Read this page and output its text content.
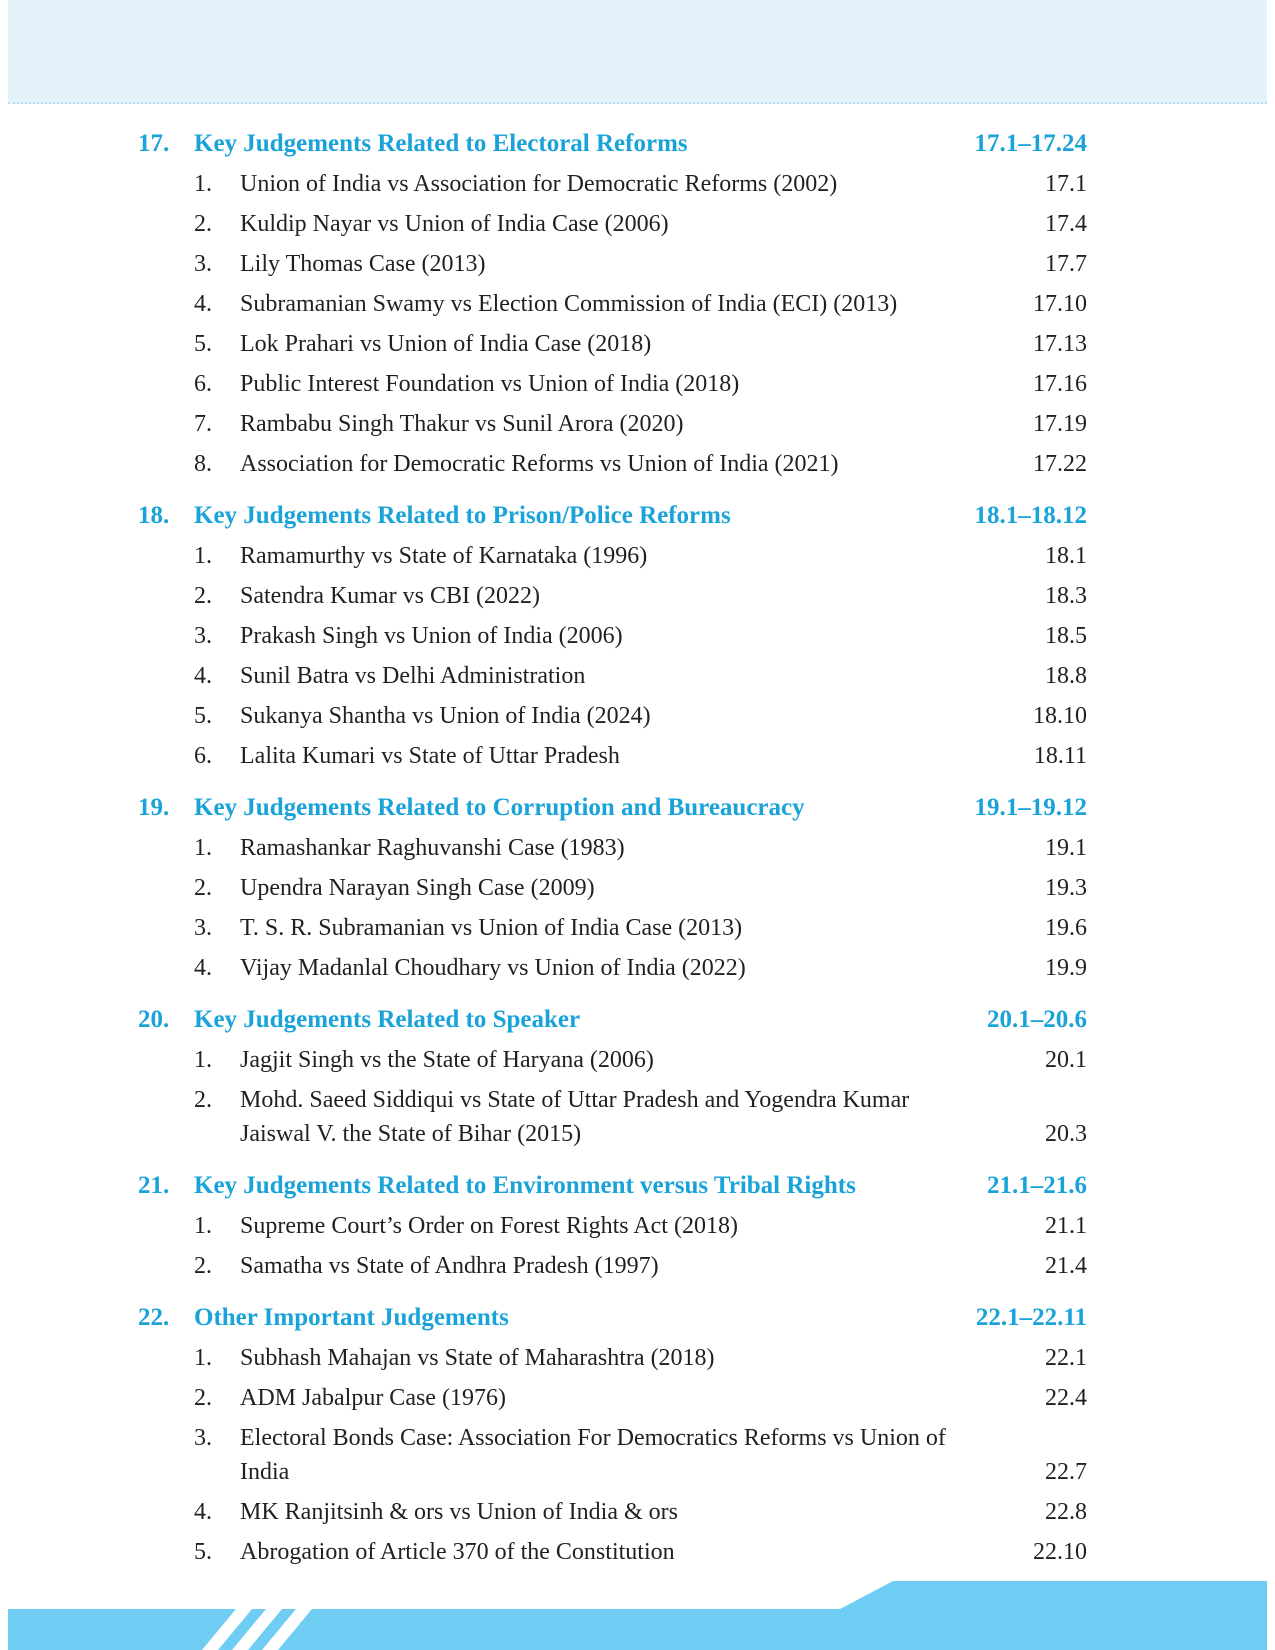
17. Key Judgements Related to Electoral Reforms	17.1–17.24
1. Union of India vs Association for Democratic Reforms (2002)	17.1
2. Kuldip Nayar vs Union of India Case (2006)	17.4
3. Lily Thomas Case (2013)	17.7
4. Subramanian Swamy vs Election Commission of India (ECI) (2013)	17.10
5. Lok Prahari vs Union of India Case (2018)	17.13
6. Public Interest Foundation vs Union of India (2018)	17.16
7. Rambabu Singh Thakur vs Sunil Arora (2020)	17.19
8. Association for Democratic Reforms vs Union of India (2021)	17.22
18. Key Judgements Related to Prison/Police Reforms	18.1–18.12
1. Ramamurthy vs State of Karnataka (1996)	18.1
2. Satendra Kumar vs CBI (2022)	18.3
3. Prakash Singh vs Union of India (2006)	18.5
4. Sunil Batra vs Delhi Administration	18.8
5. Sukanya Shantha vs Union of India (2024)	18.10
6. Lalita Kumari vs State of Uttar Pradesh	18.11
19. Key Judgements Related to Corruption and Bureaucracy	19.1–19.12
1. Ramashankar Raghuvanshi Case (1983)	19.1
2. Upendra Narayan Singh Case (2009)	19.3
3. T. S. R. Subramanian vs Union of India Case (2013)	19.6
4. Vijay Madanlal Choudhary vs Union of India (2022)	19.9
20. Key Judgements Related to Speaker	20.1–20.6
1. Jagjit Singh vs the State of Haryana (2006)	20.1
2. Mohd. Saeed Siddiqui vs State of Uttar Pradesh and Yogendra Kumar Jaiswal V. the State of Bihar (2015)	20.3
21. Key Judgements Related to Environment versus Tribal Rights	21.1–21.6
1. Supreme Court’s Order on Forest Rights Act (2018)	21.1
2. Samatha vs State of Andhra Pradesh (1997)	21.4
22. Other Important Judgements	22.1–22.11
1. Subhash Mahajan vs State of Maharashtra (2018)	22.1
2. ADM Jabalpur Case (1976)	22.4
3. Electoral Bonds Case: Association For Democratics Reforms vs Union of India	22.7
4. MK Ranjitsinh & ors vs Union of India & ors	22.8
5. Abrogation of Article 370 of the Constitution	22.10
